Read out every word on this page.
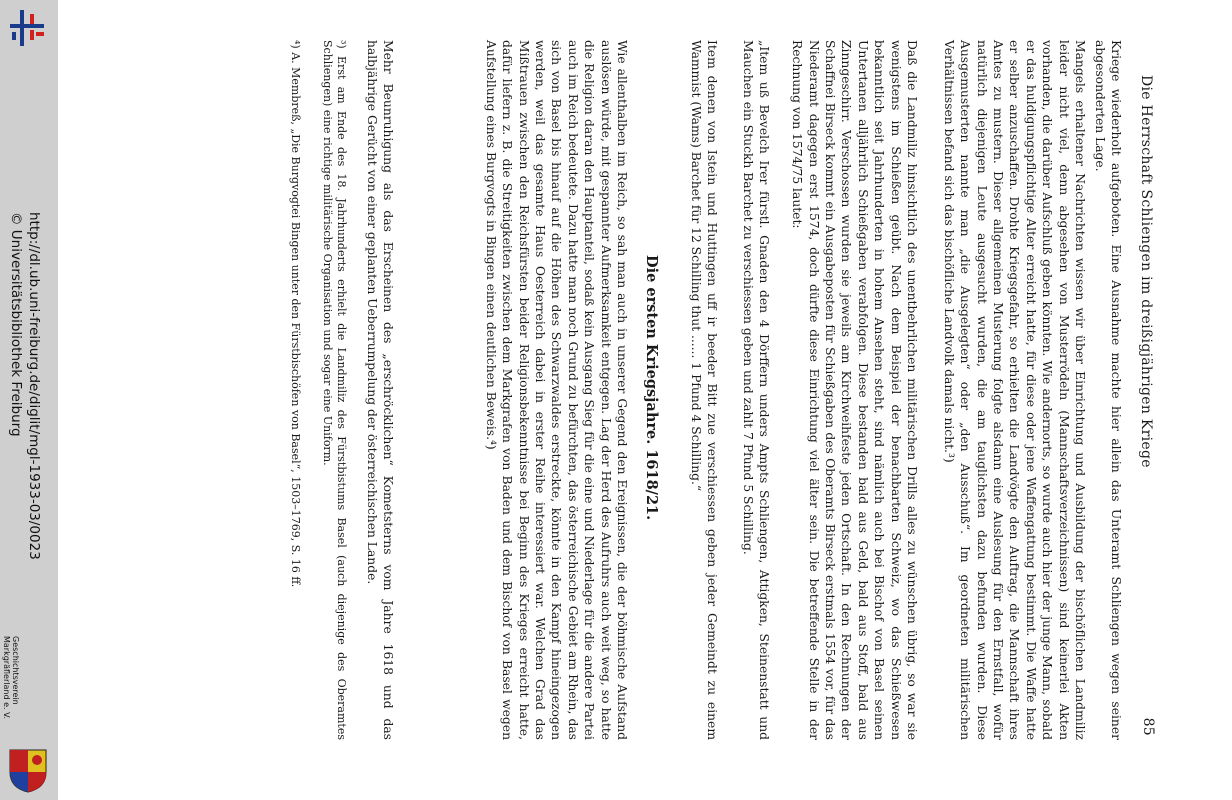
http://dl.ub.uni-freiburg.de/diglit/mgl-1933-03/0023
© Universitätsbibliothek Freiburg
Geschichtsverein
Markgräflerland e. V.
Die Herrschaft Schliengen im dreißigjährigen Kriege
85

Kriege wiederholt aufgeboten. Eine Ausnahme machte hier allein das Unteramt Schliengen wegen seiner abgesonderten Lage.

Mangels erhaltener Nachrichten wissen wir über Einrichtung und Ausbildung der bischöflichen Landmiliz leider nicht viel, denn abgesehen von Musterrödeln (Mannschaftsverzeichnissen) sind keinerlei Akten vorhanden, die darüber Aufschluß geben könnten. Wie andernorts, so wurde auch hier der junge Mann, sobald er das huldigungspflichtige Alter erreicht hatte, für diese oder jene Waffengattung bestimmt. Die Waffe hatte er selber anzuschaffen. Drohte Kriegsgefahr, so erhielten die Landvögte den Auftrag, die Mannschaft ihres Amtes zu mustern. Dieser allgemeinen Musterung folgte alsdann eine Auslesung für den Ernstfall, wofür natürlich diejenigen Leute ausgesucht wurden, die am tauglichsten dazu befunden wurden. Diese Ausgemusterten nannte man „die Ausgelegten“ oder „den Ausschuß“. Im geordneten militärischen Verhältnissen befand sich das bischöfliche Landvolk damals nicht.³)

Daß die Landmiliz hinsichtlich des unentbehrlichen militärischen Drills alles zu wünschen übrig, so war sie wenigstens im Schießen geübt. Nach dem Beispiel der benachbarten Schweiz, wo das Schießwesen bekanntlich seit Jahrhunderten in hohem Ansehen steht, sind nämlich auch bei Bischof von Basel seinen Untertanen alljährlich Schießgaben verabfolgen. Diese bestanden bald aus Geld, bald aus Stoff, bald aus Zinngeschirr. Verschossen wurden sie jeweils am Kirchweihfeste jeden Ortschaft. In den Rechnungen der Schaffnei Birseck kommt ein Ausgabeposten für Schießgaben des Oberamts Birseck erstmals 1554 vor, für das Niederamt dagegen erst 1574, doch dürfte diese Einrichtung viel älter sein. Die betreffende Stelle in der Rechnung von 1574/75 lautet:

„Item uß Bevelch Irer fürstl. Gnaden den 4 Dörffern unders Ampts Schliengen, Attigken, Steinenstatt und Mauchen ein Stuckh Barchet zu verschiessen geben und zahlt 7 Pfund 5 Schilling.

Item denen von Istein und Huttingen uff ir beeder Bitt zue verschiessen geben jeder Gemeindt zu einem Wammist (Wams) Barchet für 12 Schilling thut ...... 1 Pfund 4 Schilling.“

Die ersten Kriegsjahre. 1618/21.

Wie allenthalben im Reich, so sah man auch in unserer Gegend den Ereignissen, die der böhmische Aufstand auslösen würde, mit gespannter Aufmerksamkeit entgegen. Lag der Herd des Aufruhrs auch weit weg, so hatte die Religion daran den Hauptanteil, sodaß kein Ausgang Sieg für die eine und Niederlage für die andere Partei auch im Reich bedeutete. Dazu hatte man noch Grund zu befürchten, das österreichische Gebiet am Rhein, das sich von Basel bis hinauf auf die Höhen des Schwarzwaldes erstreckte, könnte in den Kampf hineingezogen werden, weil das gesamte Haus Oesterreich dabei in erster Reihe interessiert war. Welchen Grad das Mißtrauen zwischen den Reichsfürsten beider Religionsbekenntnisse bei Beginn des Krieges erreicht hatte, dafür liefern z. B. die Streitigkeiten zwischen dem Markgrafen von Baden und dem Bischof von Basel wegen Aufstellung eines Burgvogts in Bingen einen deutlichen Beweis.⁴)

Mehr Beunruhigung als das Erscheinen des „erschröcklichen“ Kometsterns vom Jahre 1618 und das halbjährige Gerücht von einer geplanten Ueberrumpelung der österreichischen Lande.

³) Erst am Ende des 18. Jahrhunderts erhielt die Landmiliz des Fürstbistums Basel (auch diejenige des Oberamtes Schliengen) eine richtige militärische Organisation und sogar eine Uniform.

⁴) A. Membreß, „Die Burgvogtei Bingen unter den Fürstbischöfen von Basel“, 1503–1769, S. 16 ff.
